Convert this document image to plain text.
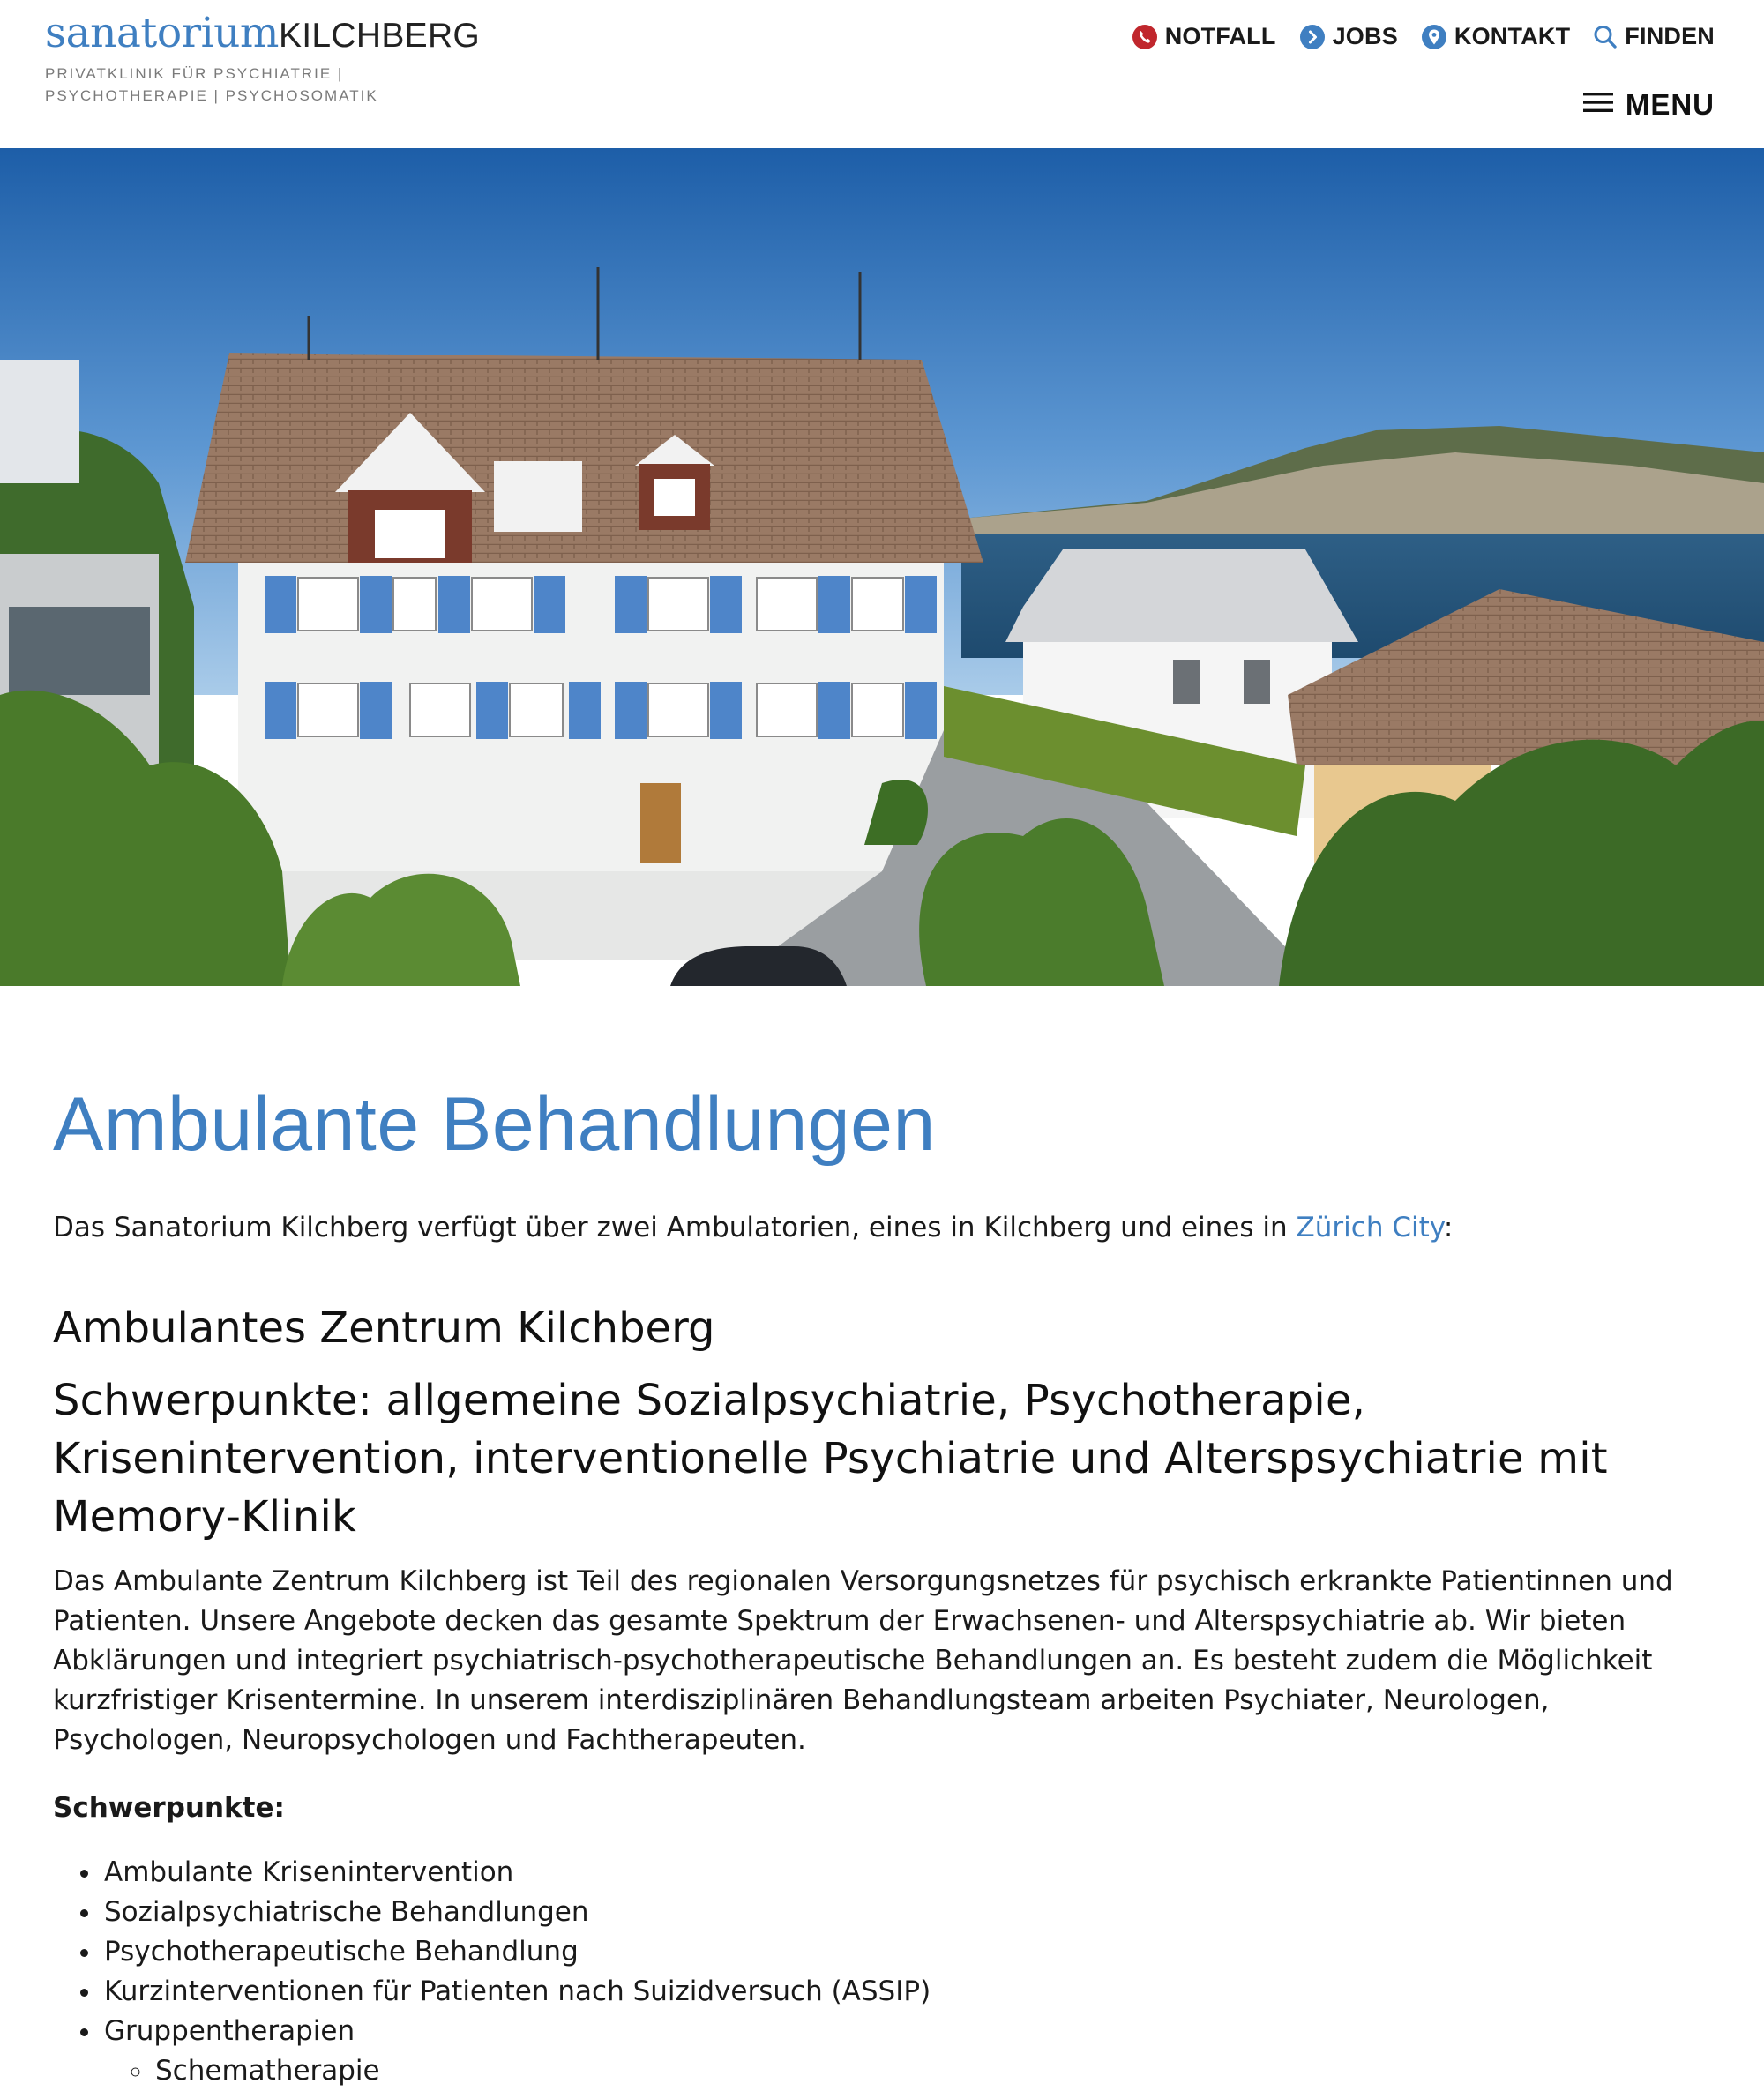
sanatoriumKILCHBERG
PRIVATKLINIK FÜR PSYCHIATRIE |
PSYCHOTHERAPIE | PSYCHOSOMATIK
NOTFALL JOBS KONTAKT FINDEN
MENU
Ambulante Behandlungen

Das Sanatorium Kilchberg verfügt über zwei Ambulatorien, eines in Kilchberg und eines in Zürich City:

Ambulantes Zentrum Kilchberg
Schwerpunkte: allgemeine Sozialpsychiatrie, Psychotherapie, Krisenintervention, interventionelle Psychiatrie und Alterspsychiatrie mit Memory-Klinik

Das Ambulante Zentrum Kilchberg ist Teil des regionalen Versorgungsnetzes für psychisch erkrankte Patientinnen und Patienten. Unsere Angebote decken das gesamte Spektrum der Erwachsenen- und Alterspsychiatrie ab. Wir bieten Abklärungen und integriert psychiatrisch-psychotherapeutische Behandlungen an. Es besteht zudem die Möglichkeit kurzfristiger Krisentermine. In unserem interdisziplinären Behandlungsteam arbeiten Psychiater, Neurologen, Psychologen, Neuropsychologen und Fachtherapeuten.

Schwerpunkte:

• Ambulante Krisenintervention
• Sozialpsychiatrische Behandlungen
• Psychotherapeutische Behandlung
• Kurzinterventionen für Patienten nach Suizidversuch (ASSIP)
• Gruppentherapien
◦ Schematherapie
